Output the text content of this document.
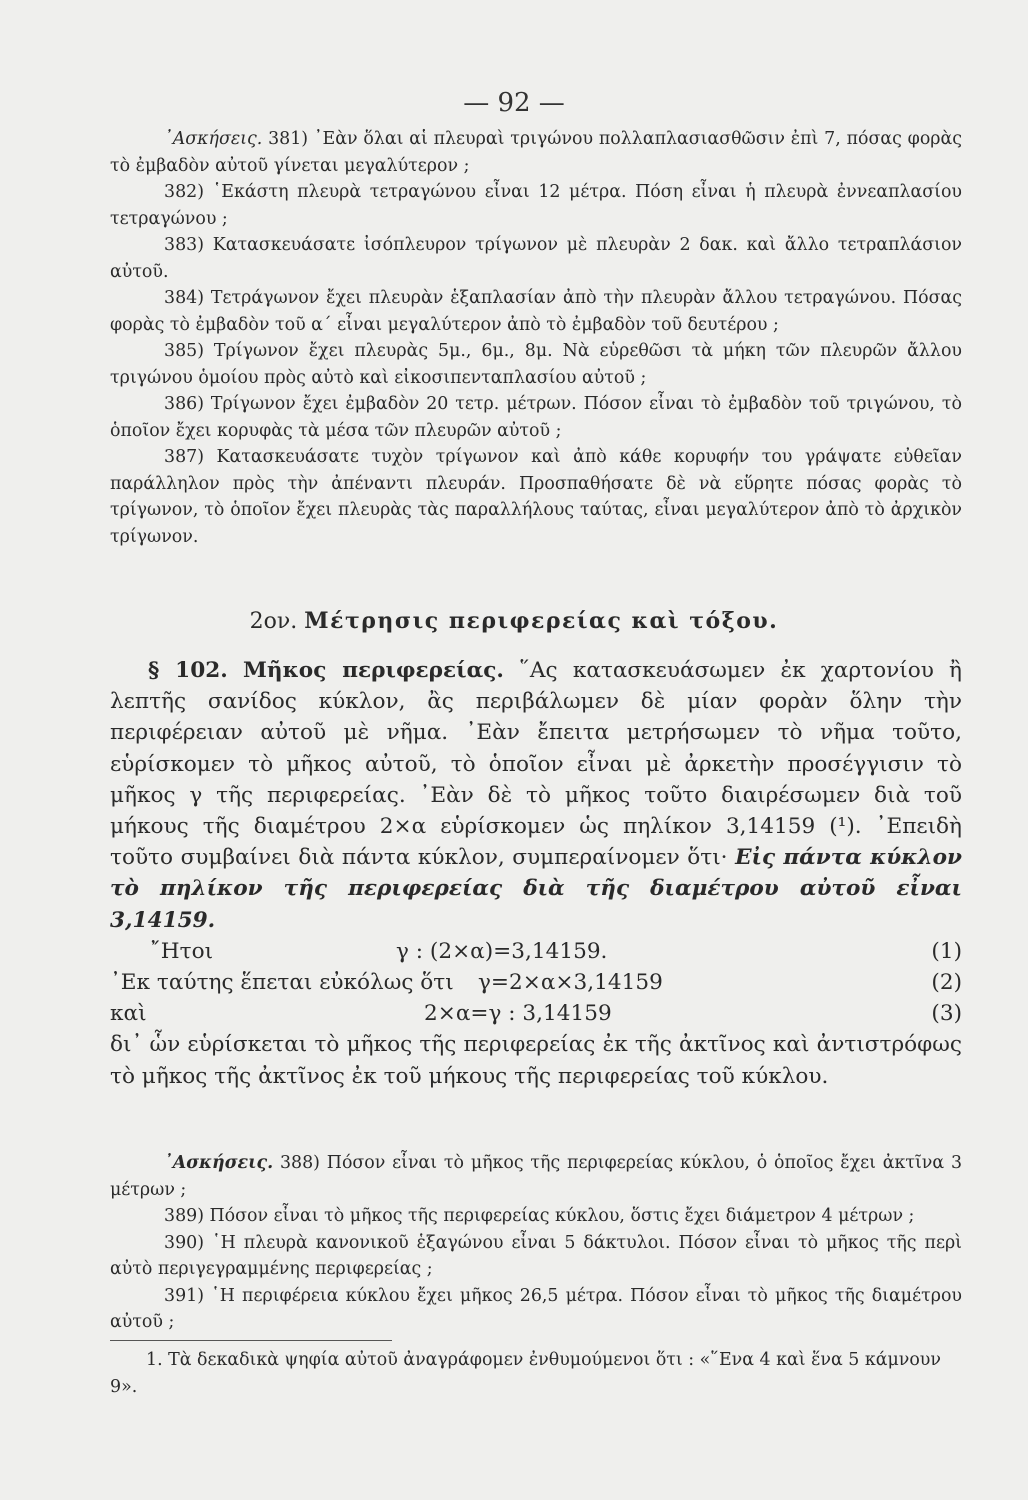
— 92 —

᾿Ασκήσεις. 381) ᾿Εὰν ὅλαι αἱ πλευραὶ τριγώνου πολλαπλασιασθῶσιν ἐπὶ 7, πόσας φορὰς τὸ ἐμβαδὸν αὐτοῦ γίνεται μεγαλύτερον ;

382) ῾Εκάστη πλευρὰ τετραγώνου εἶναι 12 μέτρα. Πόση εἶναι ἡ πλευρὰ ἐννεαπλασίου τετραγώνου ;

383) Κατασκευάσατε ἰσόπλευρον τρίγωνον μὲ πλευρὰν 2 δακ. καὶ ἄλλο τετραπλάσιον αὐτοῦ.

384) Τετράγωνον ἔχει πλευρὰν ἑξαπλασίαν ἀπὸ τὴν πλευρὰν ἄλλου τετραγώνου. Πόσας φορὰς τὸ ἐμβαδὸν τοῦ α΄ εἶναι μεγαλύτερον ἀπὸ τὸ ἐμβαδὸν τοῦ δευτέρου ;

385) Τρίγωνον ἔχει πλευρὰς 5μ., 6μ., 8μ. Νὰ εὑρεθῶσι τὰ μήκη τῶν πλευρῶν ἄλλου τριγώνου ὁμοίου πρὸς αὐτὸ καὶ εἰκοσιπενταπλασίου αὐτοῦ ;

386) Τρίγωνον ἔχει ἐμβαδὸν 20 τετρ. μέτρων. Πόσον εἶναι τὸ ἐμβαδὸν τοῦ τριγώνου, τὸ ὁποῖον ἔχει κορυφὰς τὰ μέσα τῶν πλευρῶν αὐτοῦ ;

387) Κατασκευάσατε τυχὸν τρίγωνον καὶ ἀπὸ κάθε κορυφήν του γράψατε εὐθεῖαν παράλληλον πρὸς τὴν ἀπέναντι πλευράν. Προσπαθήσατε δὲ νὰ εὕρητε πόσας φορὰς τὸ τρίγωνον, τὸ ὁποῖον ἔχει πλευρὰς τὰς παραλλήλους ταύτας, εἶναι μεγαλύτερον ἀπὸ τὸ ἀρχικὸν τρίγωνον.

2ον. Μέτρησις περιφερείας καὶ τόξου.

§ 102. Μῆκος περιφερείας. ῞Ας κατασκευάσωμεν ἐκ χαρτονίου ἢ λεπτῆς σανίδος κύκλον, ἂς περιβάλωμεν δὲ μίαν φορὰν ὅλην τὴν περιφέρειαν αὐτοῦ μὲ νῆμα. ᾿Εὰν ἔπειτα μετρήσωμεν τὸ νῆμα τοῦτο, εὑρίσκομεν τὸ μῆκος αὐτοῦ, τὸ ὁποῖον εἶναι μὲ ἀρκετὴν προσέγγισιν τὸ μῆκος γ τῆς περιφερείας. ᾿Εὰν δὲ τὸ μῆκος τοῦτο διαιρέσωμεν διὰ τοῦ μήκους τῆς διαμέτρου 2×α εὑρίσκομεν ὡς πηλίκον 3,14159 (¹). ᾿Επειδὴ τοῦτο συμβαίνει διὰ πάντα κύκλον, συμπεραίνομεν ὅτι· Εἰς πάντα κύκλον τὸ πηλίκον τῆς περιφερείας διὰ τῆς διαμέτρου αὐτοῦ εἶναι 3,14159.

῎Ητοι	γ : (2×α)=3,14159.	(1)
᾿Εκ ταύτης ἕπεται εὐκόλως ὅτι γ=2×α×3,14159	(2)
καὶ	2×α=γ : 3,14159	(3)

δι᾿ ὧν εὑρίσκεται τὸ μῆκος τῆς περιφερείας ἐκ τῆς ἀκτῖνος καὶ ἀντιστρόφως τὸ μῆκος τῆς ἀκτῖνος ἐκ τοῦ μήκους τῆς περιφερείας τοῦ κύκλου.

᾿Ασκήσεις. 388) Πόσον εἶναι τὸ μῆκος τῆς περιφερείας κύκλου, ὁ ὁποῖος ἔχει ἀκτῖνα 3 μέτρων ;

389) Πόσον εἶναι τὸ μῆκος τῆς περιφερείας κύκλου, ὅστις ἔχει διάμετρον 4 μέτρων ;

390) ῾Η πλευρὰ κανονικοῦ ἑξαγώνου εἶναι 5 δάκτυλοι. Πόσον εἶναι τὸ μῆκος τῆς περὶ αὐτὸ περιγεγραμμένης περιφερείας ;

391) ῾Η περιφέρεια κύκλου ἔχει μῆκος 26,5 μέτρα. Πόσον εἶναι τὸ μῆκος τῆς διαμέτρου αὐτοῦ ;

1. Τὰ δεκαδικὰ ψηφία αὐτοῦ ἀναγράφομεν ἐνθυμούμενοι ὅτι : «῞Ενα 4 καὶ ἕνα 5 κάμνουν 9».
